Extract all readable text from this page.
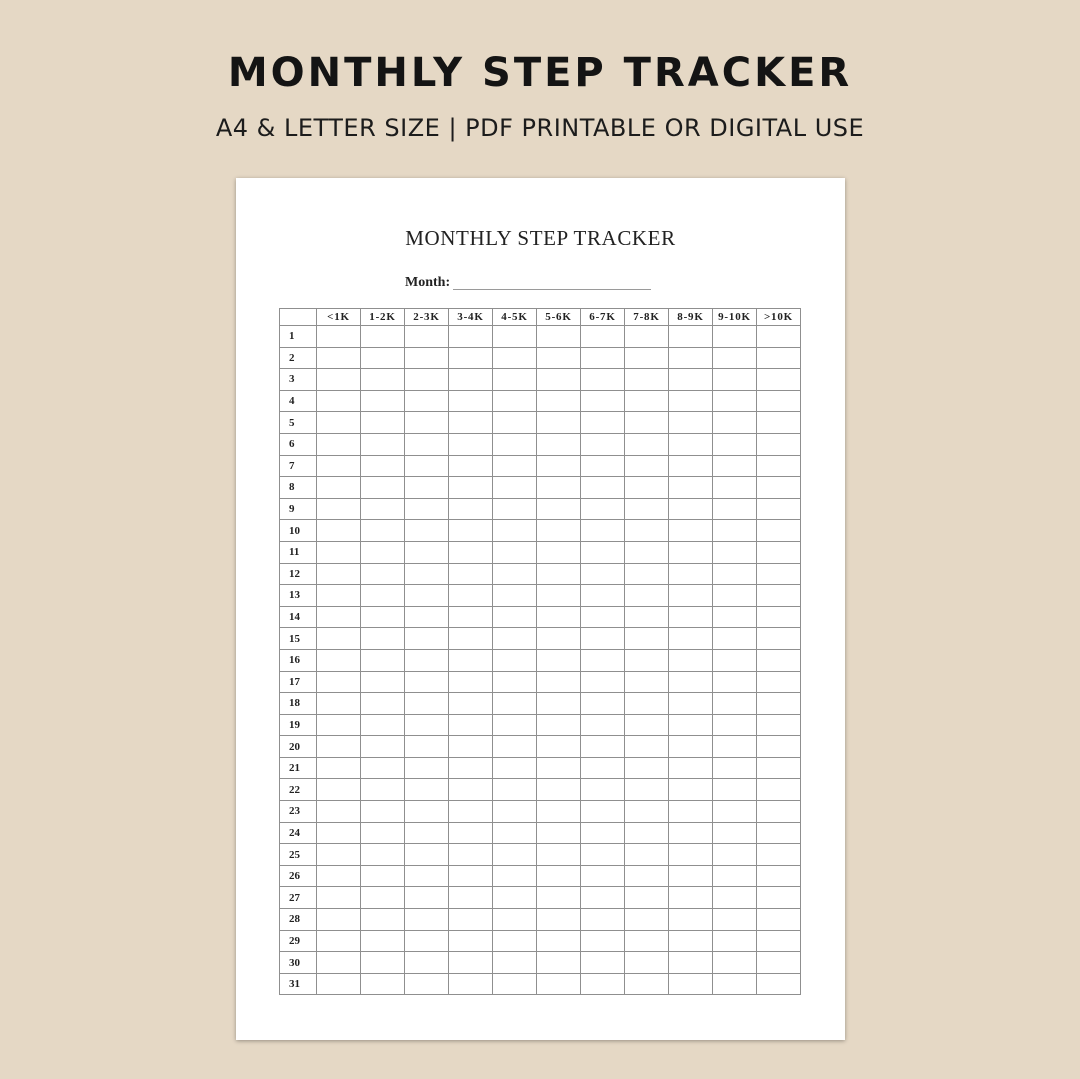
MONTHLY STEP TRACKER
A4 & LETTER SIZE | PDF PRINTABLE OR DIGITAL USE
MONTHLY STEP TRACKER
Month:
	<1K	1-2K	2-3K	3-4K	4-5K	5-6K	6-7K	7-8K	8-9K	9-10K	>10K
1											
2											
3											
4											
5											
6											
7											
8											
9											
10											
11											
12											
13											
14											
15											
16											
17											
18											
19											
20											
21											
22											
23											
24											
25											
26											
27											
28											
29											
30											
31											
